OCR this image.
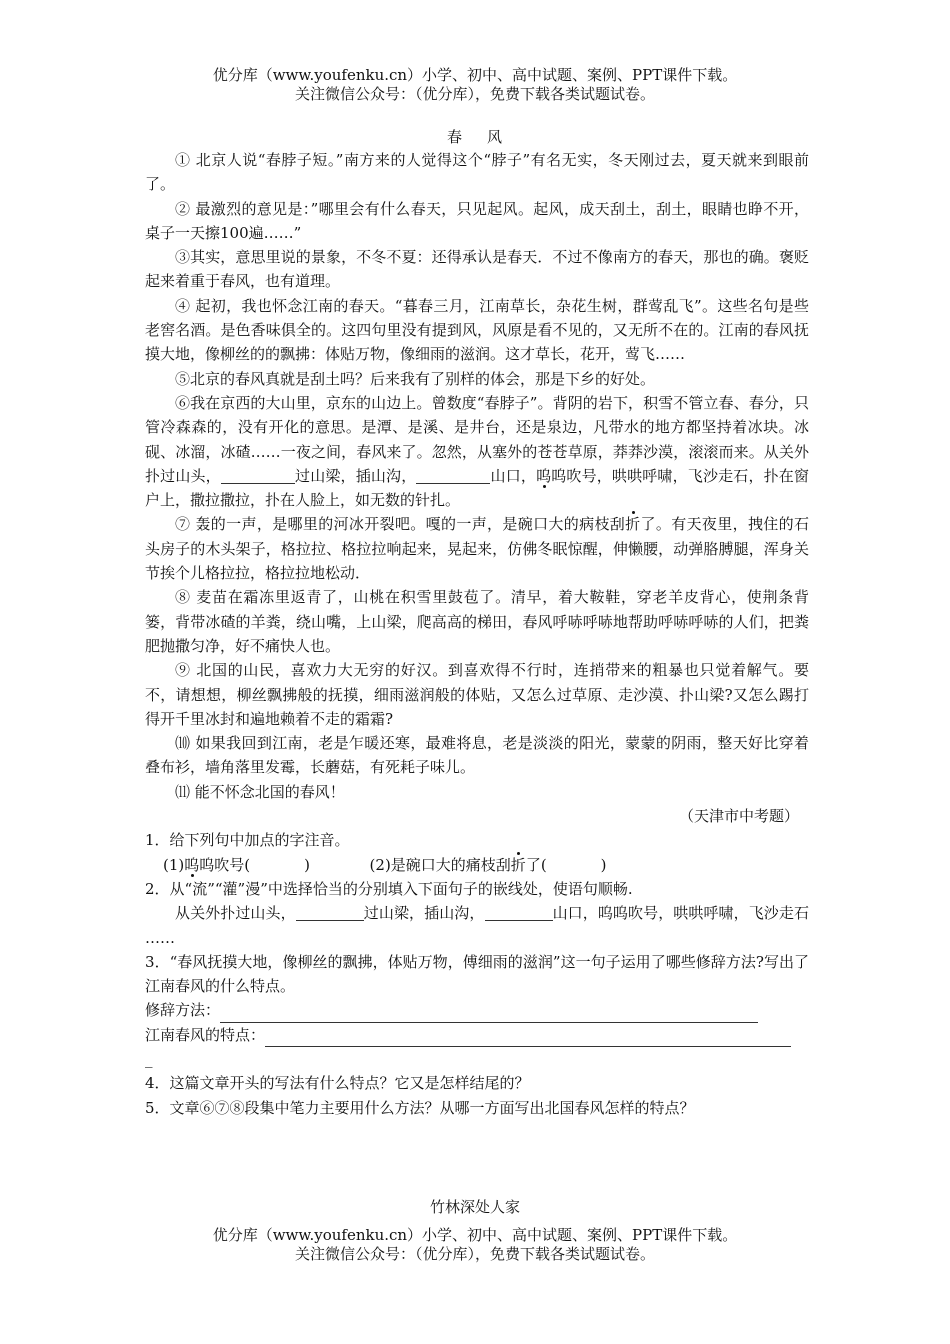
优分库（www.youfenku.cn）小学、初中、高中试题、案例、PPT课件下载。
关注微信公众号：（优分库），免费下载各类试题试卷。
春 风

① 北京人说“春脖子短。”南方来的人觉得这个“脖子”有名无实，冬天刚过去，夏天就来到眼前了。

② 最激烈的意见是：”哪里会有什么春天，只见起风。起风，成天刮土，刮土，眼睛也睁不开，桌子一天擦100遍……”

③其实，意思里说的景象，不冬不夏：还得承认是春天．不过不像南方的春天，那也的确。褒贬起来着重于春风，也有道理。

④ 起初，我也怀念江南的春天。“暮春三月，江南草长，杂花生树，群莺乱飞”。这些名句是些老窖名酒。是色香味俱全的。这四句里没有提到风，风原是看不见的，又无所不在的。江南的春风抚摸大地，像柳丝的的飘拂：体贴万物，像细雨的滋润。这才草长，花开，莺飞……

⑤北京的春风真就是刮土吗？后来我有了别样的体会，那是下乡的好处。

⑥我在京西的大山里，京东的山边上。曾数度“春脖子”。背阴的岩下，积雪不管立春、春分，只管冷森森的，没有开化的意思。是潭、是溪、是井台，还是泉边，凡带水的地方都坚持着冰块。冰砚、冰溜，冰碴……一夜之间，春风来了。忽然，从塞外的苍苍草原，莽莽沙漠，滚滚而来。从关外扑过山头，	过山梁，插山沟，	山口，呜呜吹号，哄哄呼啸，飞沙走石，扑在窗户上，撒拉撒拉，扑在人脸上，如无数的针扎。

⑦ 轰的一声，是哪里的河冰开裂吧。嘎的一声，是碗口大的病枝刮折了。有天夜里，拽住的石头房子的木头架子，格拉拉、格拉拉响起来，晃起来，仿佛冬眠惊醒，伸懒腰，动弹胳膊腿，浑身关节挨个儿格拉拉，格拉拉地松动．

⑧ 麦苗在霜冻里返青了，山桃在积雪里鼓苞了。清早，着大鞍鞋，穿老羊皮背心，使荆条背篓，背带冰碴的羊粪，绕山嘴，上山梁，爬高高的梯田，春风呼哧呼哧地帮助呼哧呼哧的人们，把粪肥抛撒匀净，好不痛快人也。

⑨ 北国的山民，喜欢力大无穷的好汉。到喜欢得不行时，连捎带来的粗暴也只觉着解气。要不，请想想，柳丝飘拂般的抚摸，细雨滋润般的体贴，又怎么过草原、走沙漠、扑山梁?又怎么踢打得开千里冰封和遍地赖着不走的霜霜?

⑽ 如果我回到江南，老是乍暖还寒，最难将息，老是淡淡的阳光，蒙蒙的阴雨，整天好比穿着叠布衫，墙角落里发霉，长蘑菇，有死耗子味儿。

⑾ 能不怀念北国的春风！

（天津市中考题）

1．给下列句中加点的字注音。

(1)呜呜吹号(	)	(2)是碗口大的痛枝刮折了(	)

2．从“流”“灌”漫”中选择恰当的分别填入下面句子的嵌线处，使语句顺畅.

从关外扑过山头，	过山梁，插山沟，	山口，呜呜吹号，哄哄呼啸，飞沙走石 ……

3．“春风抚摸大地，像柳丝的飘拂，体贴万物，傅细雨的滋润”这一句子运用了哪些修辞方法?写出了江南春风的什么特点。

修辞方法：

江南春风的特点：

_

4．这篇文章开头的写法有什么特点？它又是怎样结尾的？

5．文章⑥⑦⑧段集中笔力主要用什么方法？从哪一方面写出北国春风怎样的特点？

竹林深处人家
优分库（www.youfenku.cn）小学、初中、高中试题、案例、PPT课件下载。
关注微信公众号：（优分库），免费下载各类试题试卷。
